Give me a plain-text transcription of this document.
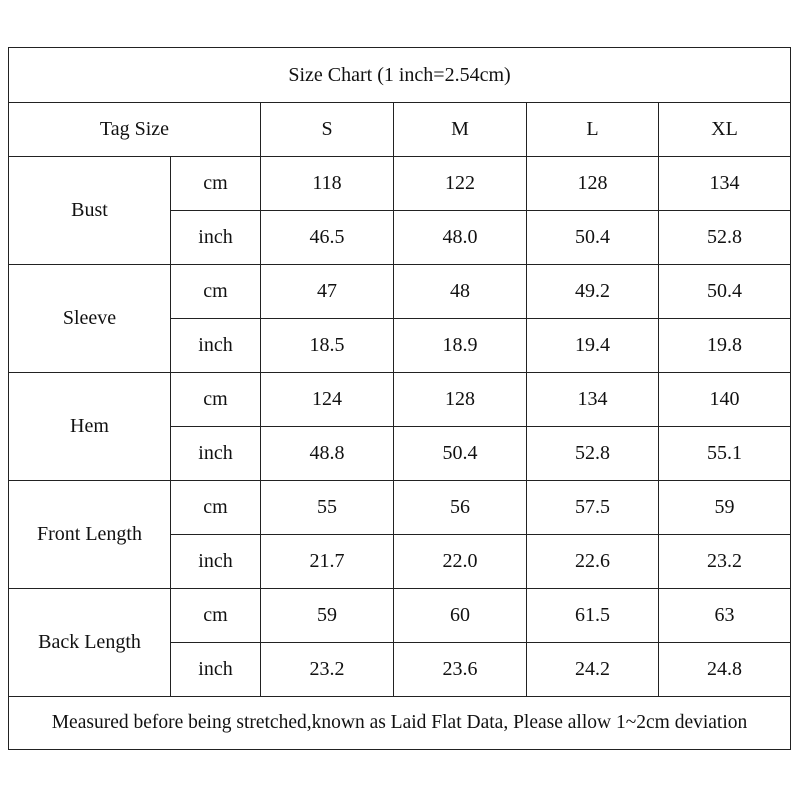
Size Chart (1 inch=2.54cm)					
Tag Size		S	M	L	XL
Bust	cm	118	122	128	134
	inch	46.5	48.0	50.4	52.8
Sleeve	cm	47	48	49.2	50.4
	inch	18.5	18.9	19.4	19.8
Hem	cm	124	128	134	140
	inch	48.8	50.4	52.8	55.1
Front Length	cm	55	56	57.5	59
	inch	21.7	22.0	22.6	23.2
Back Length	cm	59	60	61.5	63
	inch	23.2	23.6	24.2	24.8
Measured before being stretched,known as Laid Flat Data, Please allow 1~2cm deviation					
